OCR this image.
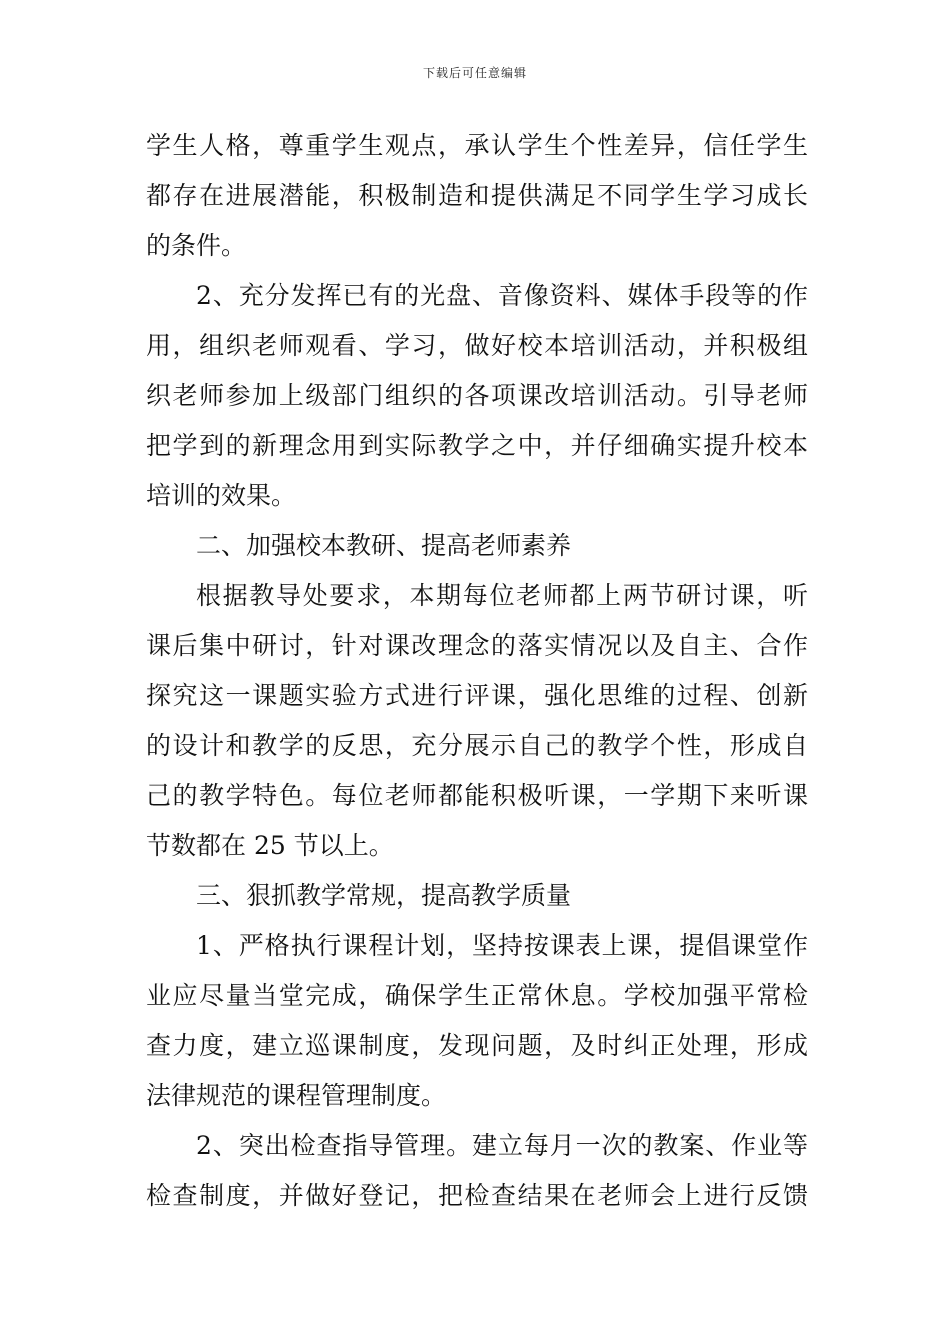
下载后可任意编辑
学生人格，尊重学生观点，承认学生个性差异，信任学生
都存在进展潜能，积极制造和提供满足不同学生学习成长
的条件。
2、充分发挥已有的光盘、音像资料、媒体手段等的作
用，组织老师观看、学习，做好校本培训活动，并积极组
织老师参加上级部门组织的各项课改培训活动。引导老师
把学到的新理念用到实际教学之中，并仔细确实提升校本
培训的效果。
二、加强校本教研、提高老师素养
根据教导处要求，本期每位老师都上两节研讨课，听
课后集中研讨，针对课改理念的落实情况以及自主、合作
探究这一课题实验方式进行评课，强化思维的过程、创新
的设计和教学的反思，充分展示自己的教学个性，形成自
己的教学特色。每位老师都能积极听课，一学期下来听课
节数都在 25 节以上。
三、狠抓教学常规，提高教学质量
1、严格执行课程计划，坚持按课表上课，提倡课堂作
业应尽量当堂完成，确保学生正常休息。学校加强平常检
查力度，建立巡课制度，发现问题，及时纠正处理，形成
法律规范的课程管理制度。
2、突出检查指导管理。建立每月一次的教案、作业等
检查制度，并做好登记，把检查结果在老师会上进行反馈
